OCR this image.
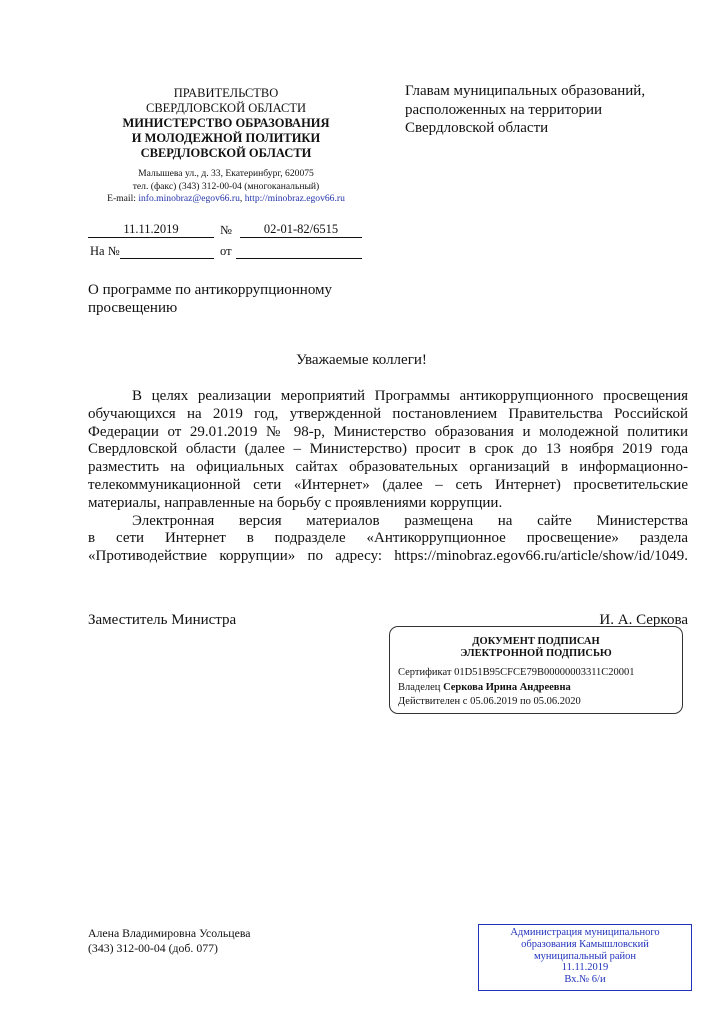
ПРАВИТЕЛЬСТВО
СВЕРДЛОВСКОЙ ОБЛАСТИ
МИНИСТЕРСТВО ОБРАЗОВАНИЯ
И МОЛОДЕЖНОЙ ПОЛИТИКИ
СВЕРДЛОВСКОЙ ОБЛАСТИ
Малышева ул., д. 33, Екатеринбург, 620075
тел. (факс) (343) 312-00-04 (многоканальный)
E-mail: info.minobraz@egov66.ru, http://minobraz.egov66.ru
11.11.2019	№	02-01-82/6515
На №	от
Главам муниципальных образований,
расположенных на территории
Свердловской области
О программе по антикоррупционному
просвещению
Уважаемые коллеги!
В целях реализации мероприятий Программы антикоррупционного просвещения
обучающихся на 2019 год, утвержденной постановлением Правительства Российской
Федерации от 29.01.2019 № 98-р, Министерство образования и молодежной политики
Свердловской области (далее – Министерство) просит в срок до 13 ноября 2019 года
разместить на официальных сайтах образовательных организаций в информационно-
телекоммуникационной сети «Интернет» (далее – сеть Интернет) просветительские
материалы, направленные на борьбу с проявлениями коррупции.
Электронная версия материалов размещена на сайте Министерства
в сети Интернет в подразделе «Антикоррупционное просвещение» раздела
«Противодействие коррупции» по адресу: https://minobraz.egov66.ru/article/show/id/1049.
Заместитель Министра	И. А. Серкова
ДОКУМЕНТ ПОДПИСАН
ЭЛЕКТРОННОЙ ПОДПИСЬЮ
Сертификат 01D51B95CFCE79B00000003311C20001
Владелец Серкова Ирина Андреевна
Действителен с 05.06.2019 по 05.06.2020
Алена Владимировна Усольцева
(343) 312-00-04 (доб. 077)
Администрация муниципального
образования Камышловский
муниципальный район
11.11.2019
Вх.№ 6/и
